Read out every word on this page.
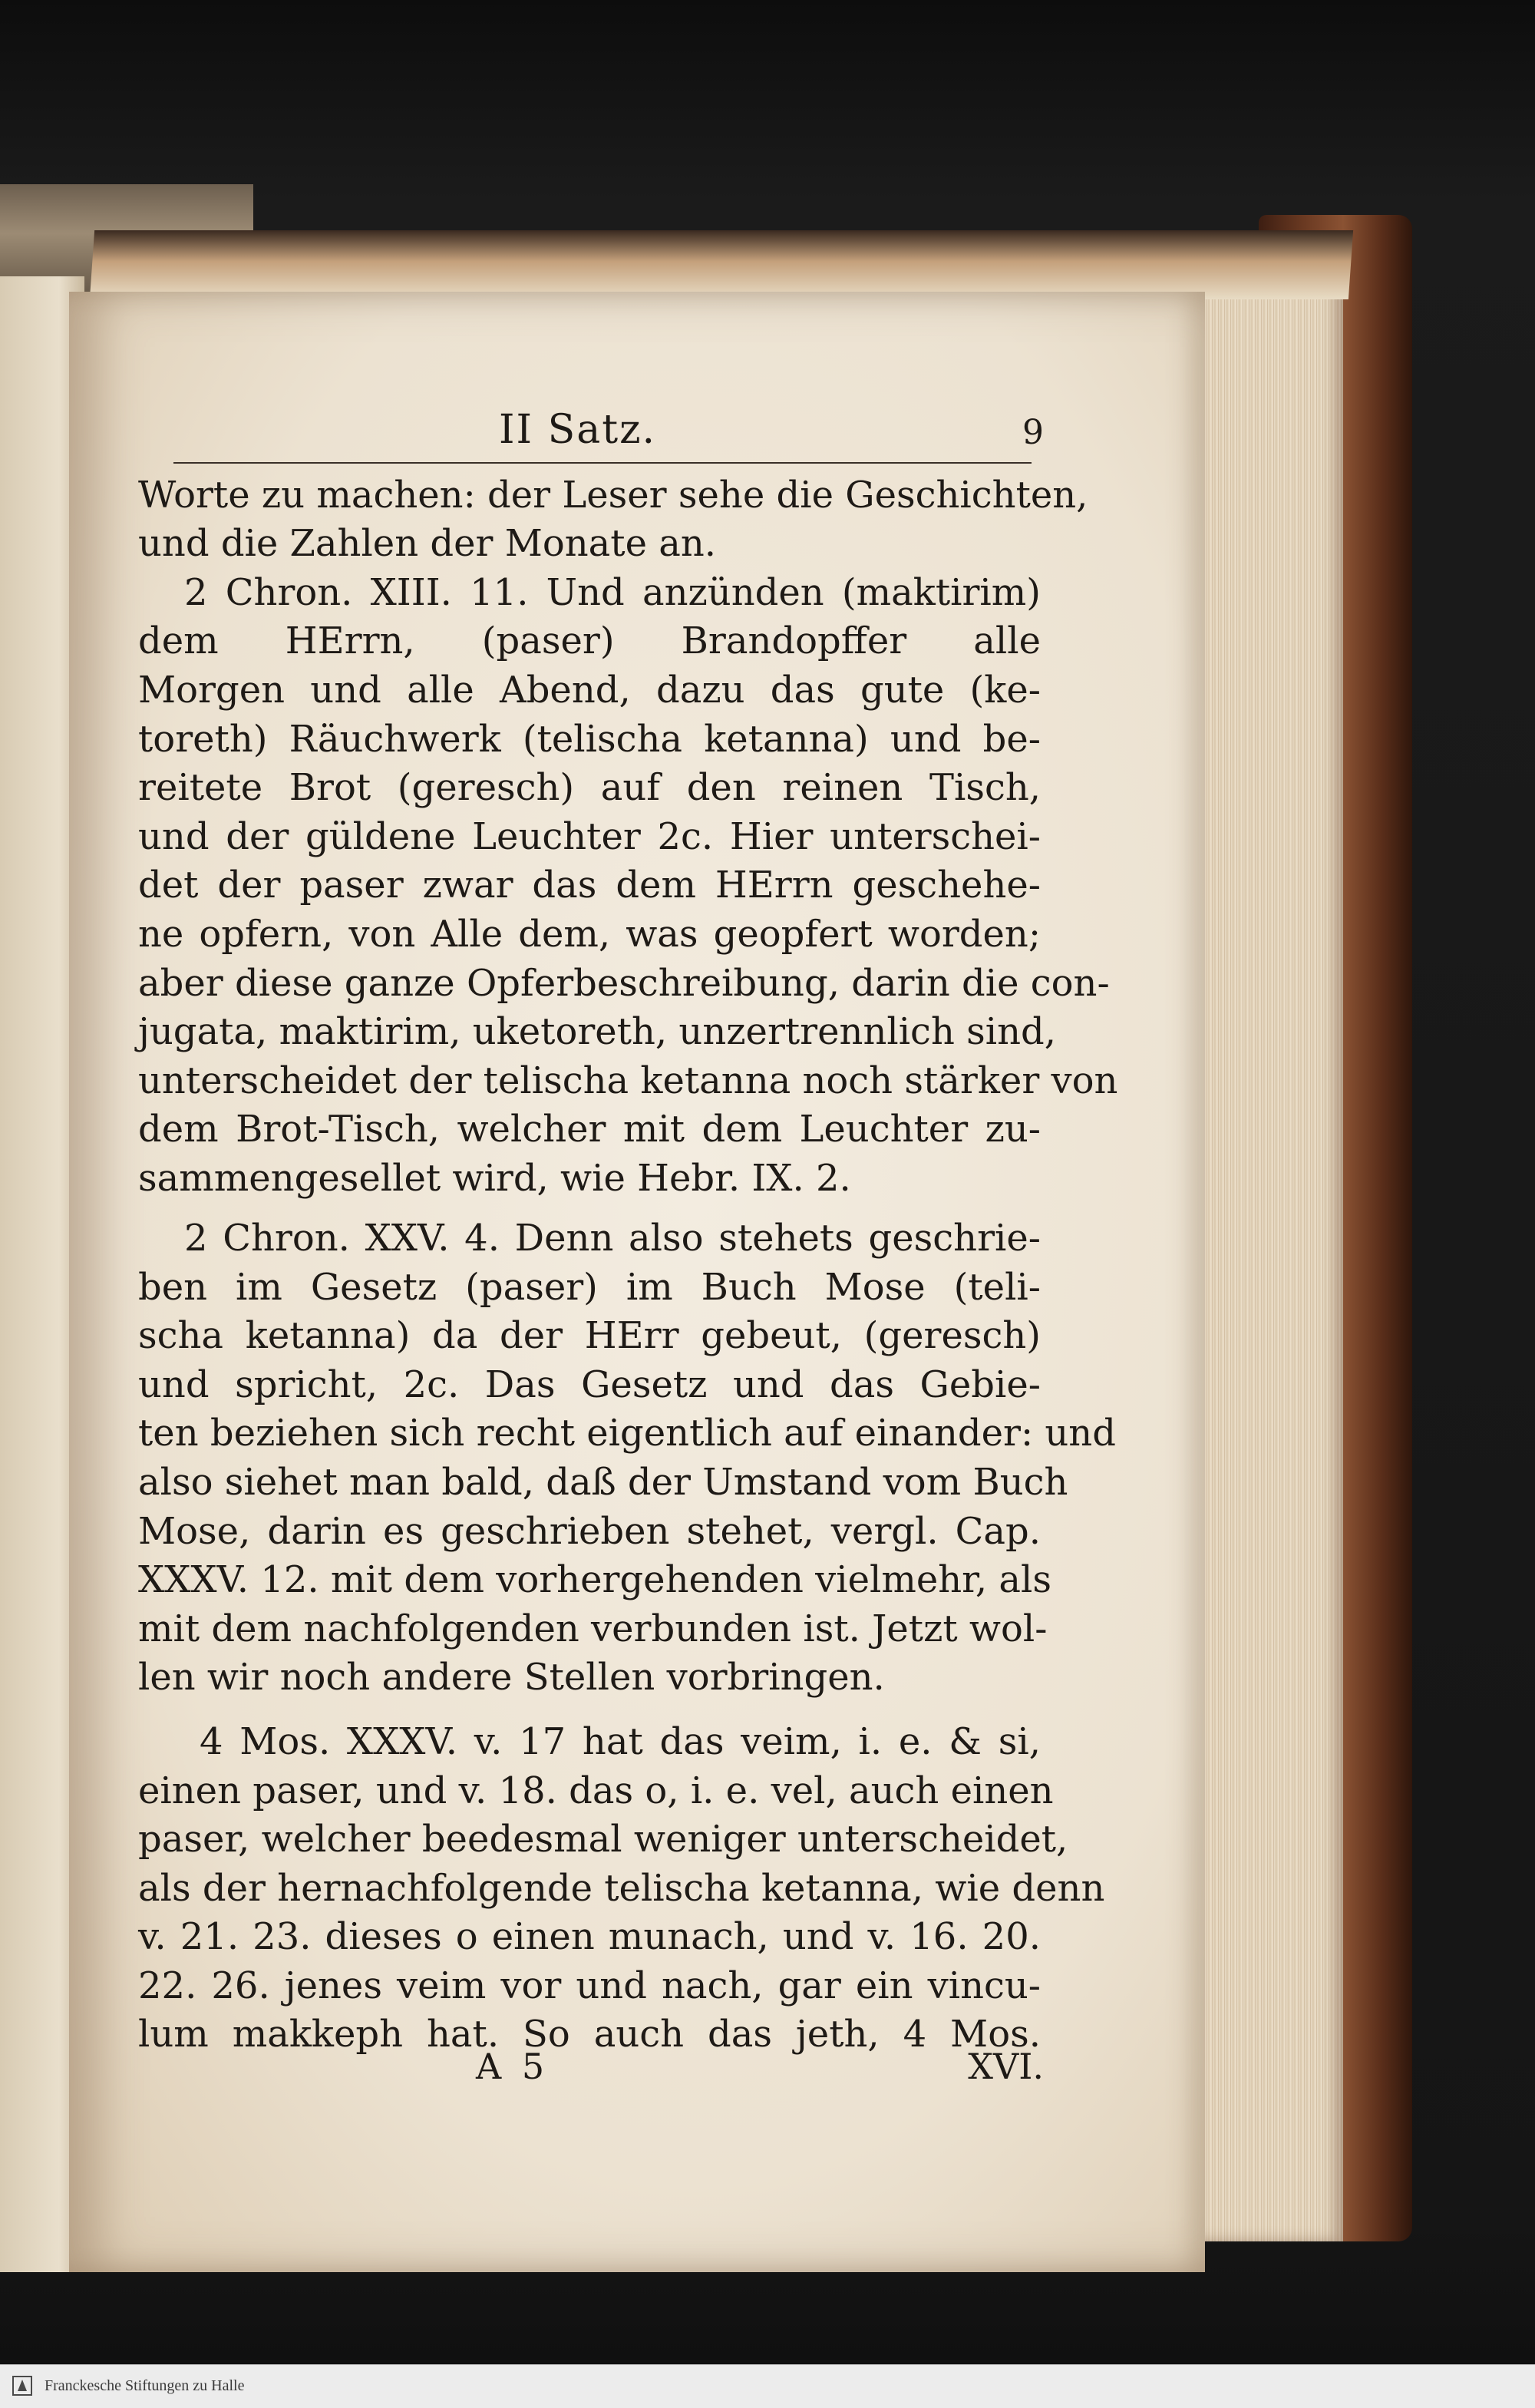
II Satz.	9
Worte zu machen: der Leser sehe die Geschichten,
und die Zahlen der Monate an.
2 Chron. XIII. 11. Und anzünden (maktirim)
dem HErrn, (paser) Brandopffer alle
Morgen und alle Abend, dazu das gute (ke-
toreth) Räuchwerk (telischa ketanna) und be-
reitete Brot (geresch) auf den reinen Tisch,
und der güldene Leuchter 2c. Hier unterschei-
det der paser zwar das dem HErrn geschehe-
ne opfern, von Alle dem, was geopfert worden;
aber diese ganze Opferbeschreibung, darin die con-
jugata, maktirim, uketoreth, unzertrennlich sind,
unterscheidet der telischa ketanna noch stärker von
dem Brot-Tisch, welcher mit dem Leuchter zu-
sammengesellet wird, wie Hebr. IX. 2.
2 Chron. XXV. 4. Denn also stehets geschrie-
ben im Gesetz (paser) im Buch Mose (teli-
scha ketanna) da der HErr gebeut, (geresch)
und spricht, 2c. Das Gesetz und das Gebie-
ten beziehen sich recht eigentlich auf einander: und
also siehet man bald, daß der Umstand vom Buch
Mose, darin es geschrieben stehet, vergl. Cap.
XXXV. 12. mit dem vorhergehenden vielmehr, als
mit dem nachfolgenden verbunden ist. Jetzt wol-
len wir noch andere Stellen vorbringen.
4 Mos. XXXV. v. 17 hat das veim, i. e. & si,
einen paser, und v. 18. das o, i. e. vel, auch einen
paser, welcher beedesmal weniger unterscheidet,
als der hernachfolgende telischa ketanna, wie denn
v. 21. 23. dieses o einen munach, und v. 16. 20.
22. 26. jenes veim vor und nach, gar ein vincu-
lum makkeph hat. So auch das jeth, 4 Mos.
A 5	XVI.
Franckesche Stiftungen zu Halle
